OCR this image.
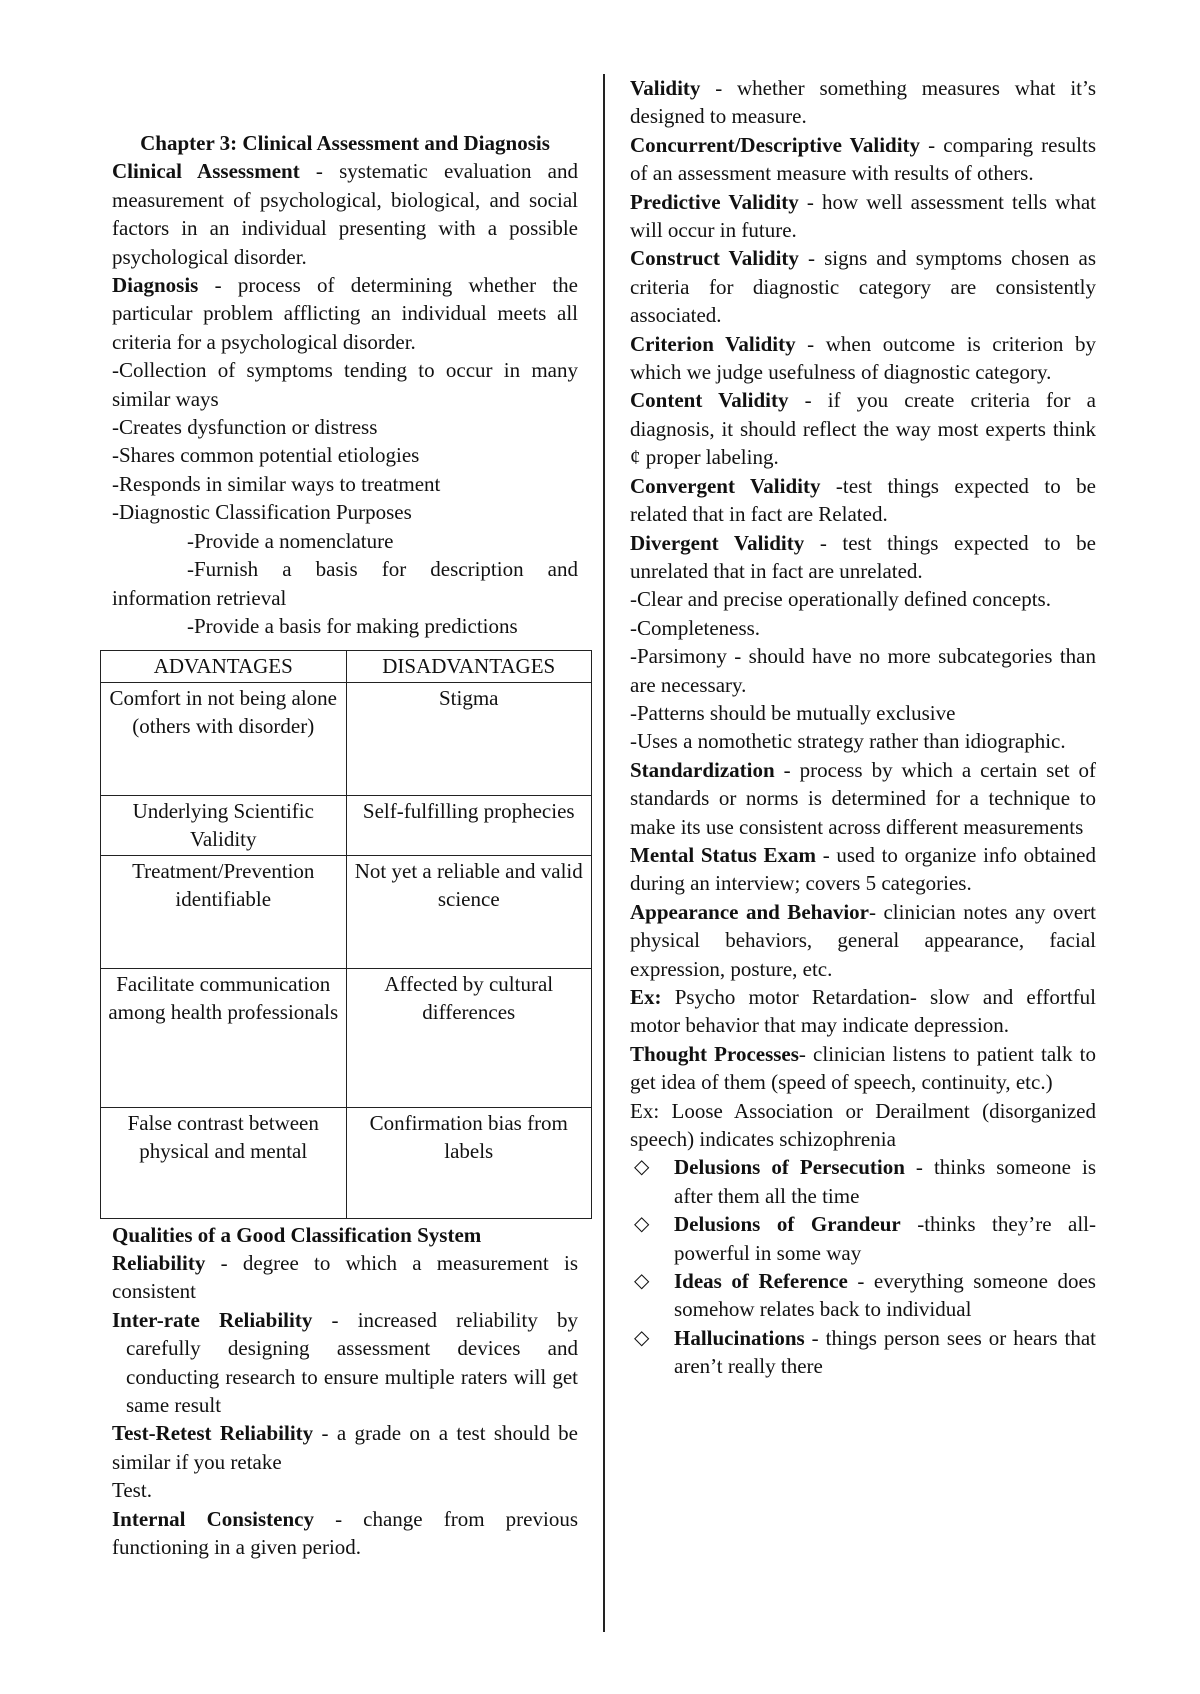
Chapter 3: Clinical Assessment and Diagnosis

Clinical Assessment - systematic evaluation and measurement of psychological, biological, and social factors in an individual presenting with a possible psychological disorder.

Diagnosis - process of determining whether the particular problem afflicting an individual meets all criteria for a psychological disorder.

-Collection of symptoms tending to occur in many similar ways

-Creates dysfunction or distress

-Shares common potential etiologies

-Responds in similar ways to treatment

-Diagnostic Classification Purposes

-Provide a nomenclature

-Furnish a basis for description and information retrieval

-Provide a basis for making predictions

ADVANTAGES	DISADVANTAGES
Comfort in not being alone (others with disorder)	Stigma
Underlying Scientific Validity	Self-fulfilling prophecies
Treatment/Prevention identifiable	Not yet a reliable and valid science
Facilitate communication among health professionals	Affected by cultural differences
False contrast between physical and mental	Confirmation bias from labels

Qualities of a Good Classification System

Reliability - degree to which a measurement is consistent

Inter-rate Reliability - increased reliability by carefully designing assessment devices and conducting research to ensure multiple raters will get same result

Test-Retest Reliability - a grade on a test should be similar if you retake

Test.

Internal Consistency - change from previous functioning in a given period.

Validity - whether something measures what it’s designed to measure.

Concurrent/Descriptive Validity - comparing results of an assessment measure with results of others.

Predictive Validity - how well assessment tells what will occur in future.

Construct Validity - signs and symptoms chosen as criteria for diagnostic category are consistently associated.

Criterion Validity - when outcome is criterion by which we judge usefulness of diagnostic category.

Content Validity - if you create criteria for a diagnosis, it should reflect the way most experts think ¢ proper labeling.

Convergent Validity -test things expected to be related that in fact are Related.

Divergent Validity - test things expected to be unrelated that in fact are unrelated.

-Clear and precise operationally defined concepts.

-Completeness.

-Parsimony - should have no more subcategories than are necessary.

-Patterns should be mutually exclusive

-Uses a nomothetic strategy rather than idiographic.

Standardization - process by which a certain set of standards or norms is determined for a technique to make its use consistent across different measurements

Mental Status Exam - used to organize info obtained during an interview; covers 5 categories.

Appearance and Behavior- clinician notes any overt physical behaviors, general appearance, facial expression, posture, etc.

Ex: Psycho motor Retardation- slow and effortful motor behavior that may indicate depression.

Thought Processes- clinician listens to patient talk to get idea of them (speed of speech, continuity, etc.)

Ex: Loose Association or Derailment (disorganized speech) indicates schizophrenia

◇ Delusions of Persecution - thinks someone is after them all the time
◇ Delusions of Grandeur -thinks they’re all-powerful in some way
◇ Ideas of Reference - everything someone does somehow relates back to individual
◇ Hallucinations - things person sees or hears that aren’t really there
